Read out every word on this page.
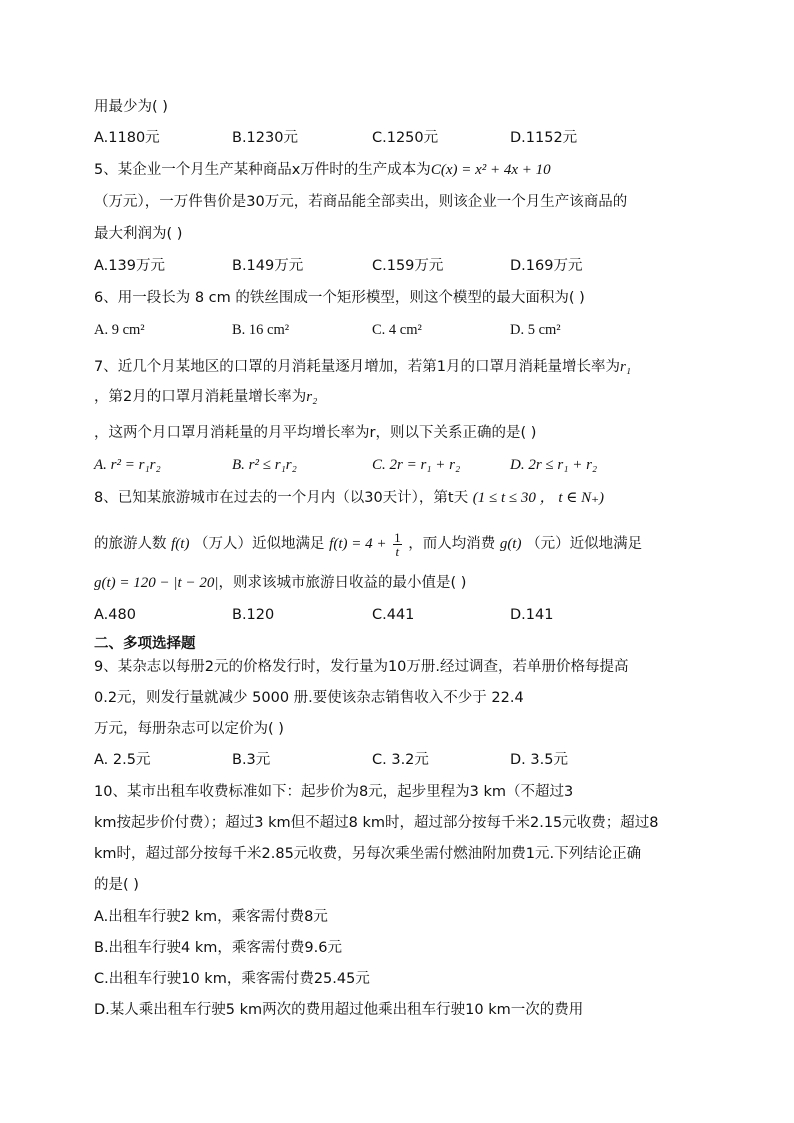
用最少为( )
A.1180元	B.1230元	C.1250元	D.1152元
5、某企业一个月生产某种商品x万件时的生产成本为C(x) = x² + 4x + 10
（万元），一万件售价是30万元，若商品能全部卖出，则该企业一个月生产该商品的
最大利润为( )
A.139万元	B.149万元	C.159万元	D.169万元
6、用一段长为 8 cm 的铁丝围成一个矩形模型，则这个模型的最大面积为( )
A. 9 cm²	B. 16 cm²	C. 4 cm²	D. 5 cm²
7、近几个月某地区的口罩的月消耗量逐月增加，若第1月的口罩月消耗量增长率为r₁
，第2月的口罩月消耗量增长率为r₂
，这两个月口罩月消耗量的月平均增长率为r，则以下关系正确的是( )
A. r² = r₁r₂	B. r² ≤ r₁r₂	C. 2r = r₁ + r₂	D. 2r ≤ r₁ + r₂
8、已知某旅游城市在过去的一个月内（以30天计），第t天 (1 ≤ t ≤ 30 ， t ∈ N₊)
的旅游人数 f(t) （万人）近似地满足 $f(t) = 4 + \frac{1}{t}$ ，而人均消费 g(t) （元）近似地满足
g(t) = 120 − |t − 20|，则求该城市旅游日收益的最小值是( )
A.480	B.120	C.441	D.141
二、多项选择题
9、某杂志以每册2元的价格发行时，发行量为10万册.经过调查，若单册价格每提高
0.2元，则发行量就减少 5000 册.要使该杂志销售收入不少于 22.4
万元，每册杂志可以定价为( )
A. 2.5元	B.3元	C. 3.2元	D. 3.5元
10、某市出租车收费标准如下：起步价为8元，起步里程为3 km（不超过3
km按起步价付费）；超过3 km但不超过8 km时，超过部分按每千米2.15元收费；超过8
km时，超过部分按每千米2.85元收费，另每次乘坐需付燃油附加费1元.下列结论正确
的是( )
A.出租车行驶2 km，乘客需付费8元
B.出租车行驶4 km，乘客需付费9.6元
C.出租车行驶10 km，乘客需付费25.45元
D.某人乘出租车行驶5 km两次的费用超过他乘出租车行驶10 km一次的费用
